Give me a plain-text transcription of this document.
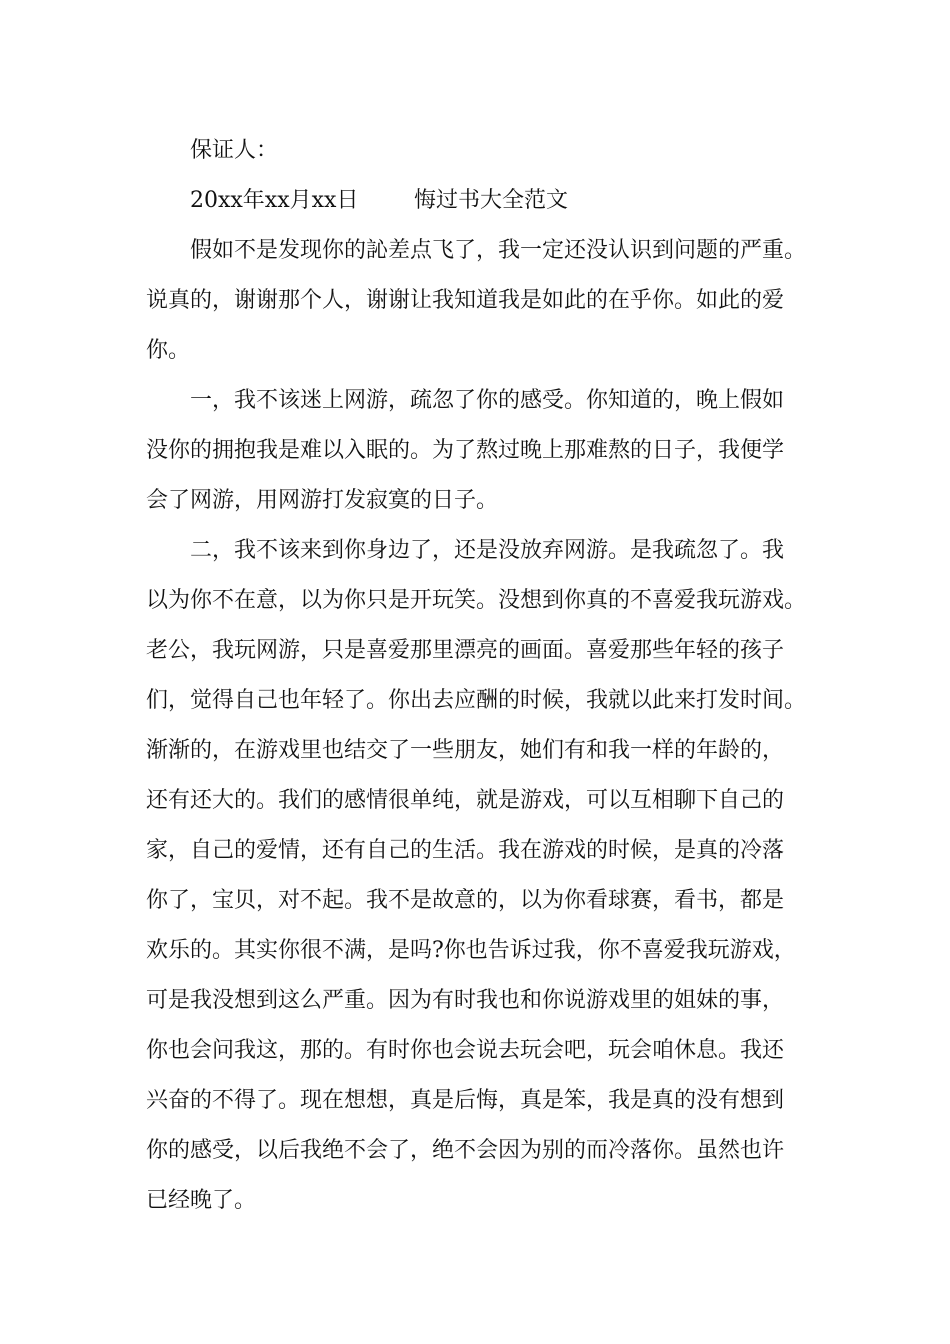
保证人：
20xx年xx月xx日	悔过书大全范文
假如不是发现你的訫差点飞了，我一定还没认识到问题的严重。
说真的，谢谢那个人，谢谢让我知道我是如此的在乎你。如此的爱
你。
一，我不该迷上网游，疏忽了你的感受。你知道的，晚上假如
没你的拥抱我是难以入眠的。为了熬过晚上那难熬的日子，我便学
会了网游，用网游打发寂寞的日子。
二，我不该来到你身边了，还是没放弃网游。是我疏忽了。我
以为你不在意，以为你只是开玩笑。没想到你真的不喜爱我玩游戏。
老公，我玩网游，只是喜爱那里漂亮的画面。喜爱那些年轻的孩子
们，觉得自己也年轻了。你出去应酬的时候，我就以此来打发时间。
渐渐的，在游戏里也结交了一些朋友，她们有和我一样的年龄的，
还有还大的。我们的感情很单纯，就是游戏，可以互相聊下自己的
家，自己的爱情，还有自己的生活。我在游戏的时候，是真的冷落
你了，宝贝，对不起。我不是故意的，以为你看球赛，看书，都是
欢乐的。其实你很不满，是吗?你也告诉过我，你不喜爱我玩游戏，
可是我没想到这么严重。因为有时我也和你说游戏里的姐妹的事，
你也会问我这，那的。有时你也会说去玩会吧，玩会咱休息。我还
兴奋的不得了。现在想想，真是后悔，真是笨，我是真的没有想到
你的感受，以后我绝不会了，绝不会因为别的而冷落你。虽然也许
已经晚了。
